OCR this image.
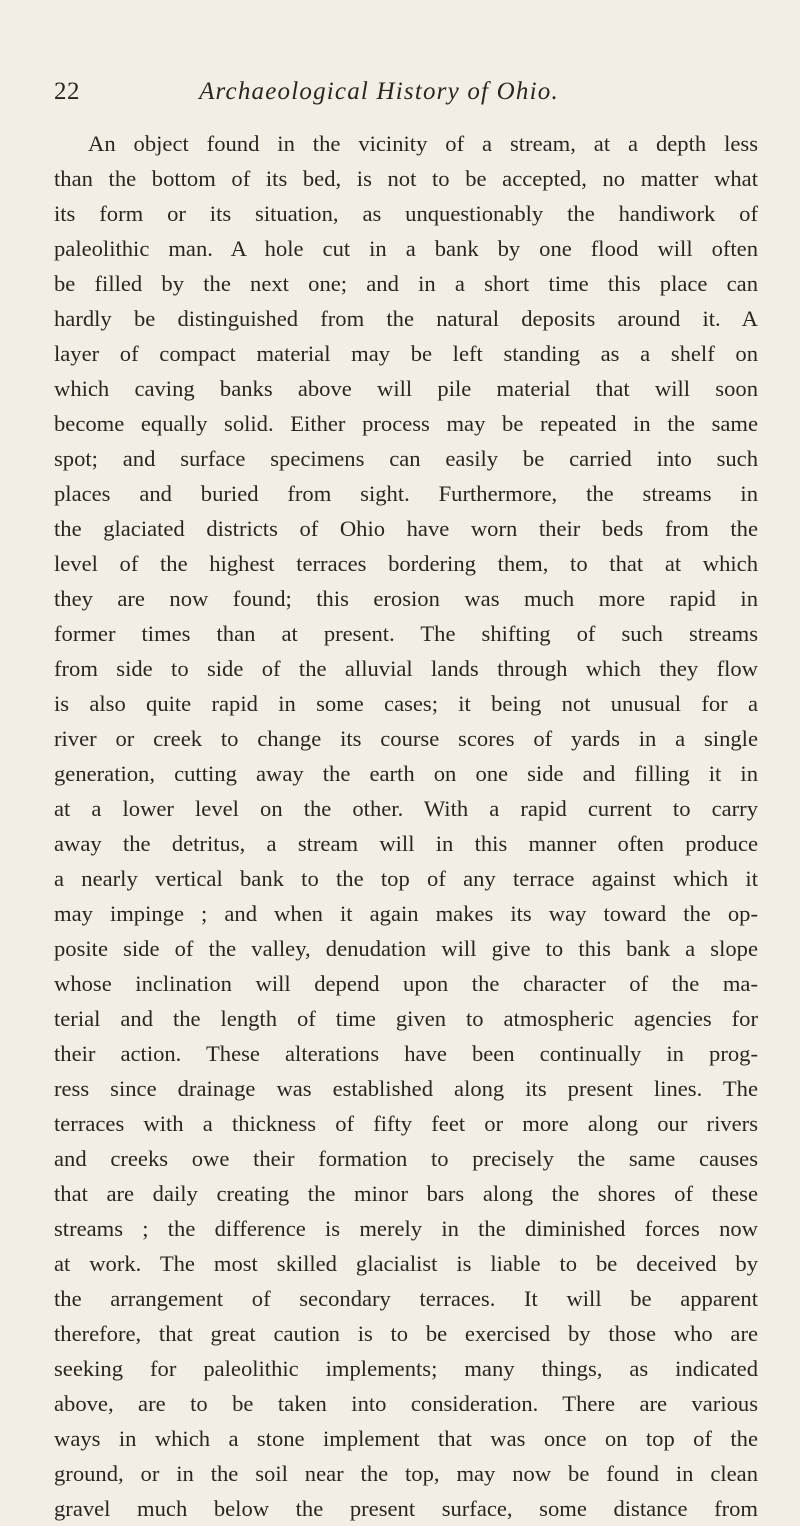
22	Archaeological History of Ohio.
An object found in the vicinity of a stream, at a depth less
than the bottom of its bed, is not to be accepted, no matter what
its form or its situation, as unquestionably the handiwork of
paleolithic man. A hole cut in a bank by one flood will often
be filled by the next one; and in a short time this place can
hardly be distinguished from the natural deposits around it. A
layer of compact material may be left standing as a shelf on
which caving banks above will pile material that will soon
become equally solid. Either process may be repeated in the same
spot; and surface specimens can easily be carried into such
places and buried from sight. Furthermore, the streams in
the glaciated districts of Ohio have worn their beds from the
level of the highest terraces bordering them, to that at which
they are now found; this erosion was much more rapid in
former times than at present. The shifting of such streams
from side to side of the alluvial lands through which they flow
is also quite rapid in some cases; it being not unusual for a
river or creek to change its course scores of yards in a single
generation, cutting away the earth on one side and filling it in
at a lower level on the other. With a rapid current to carry
away the detritus, a stream will in this manner often produce
a nearly vertical bank to the top of any terrace against which it
may impinge ; and when it again makes its way toward the op-
posite side of the valley, denudation will give to this bank a slope
whose inclination will depend upon the character of the ma-
terial and the length of time given to atmospheric agencies for
their action. These alterations have been continually in prog-
ress since drainage was established along its present lines. The
terraces with a thickness of fifty feet or more along our rivers
and creeks owe their formation to precisely the same causes
that are daily creating the minor bars along the shores of these
streams ; the difference is merely in the diminished forces now
at work. The most skilled glacialist is liable to be deceived by
the arrangement of secondary terraces. It will be apparent
therefore, that great caution is to be exercised by those who are
seeking for paleolithic implements; many things, as indicated
above, are to be taken into consideration. There are various
ways in which a stone implement that was once on top of the
ground, or in the soil near the top, may now be found in clean
gravel much below the present surface, some distance from
